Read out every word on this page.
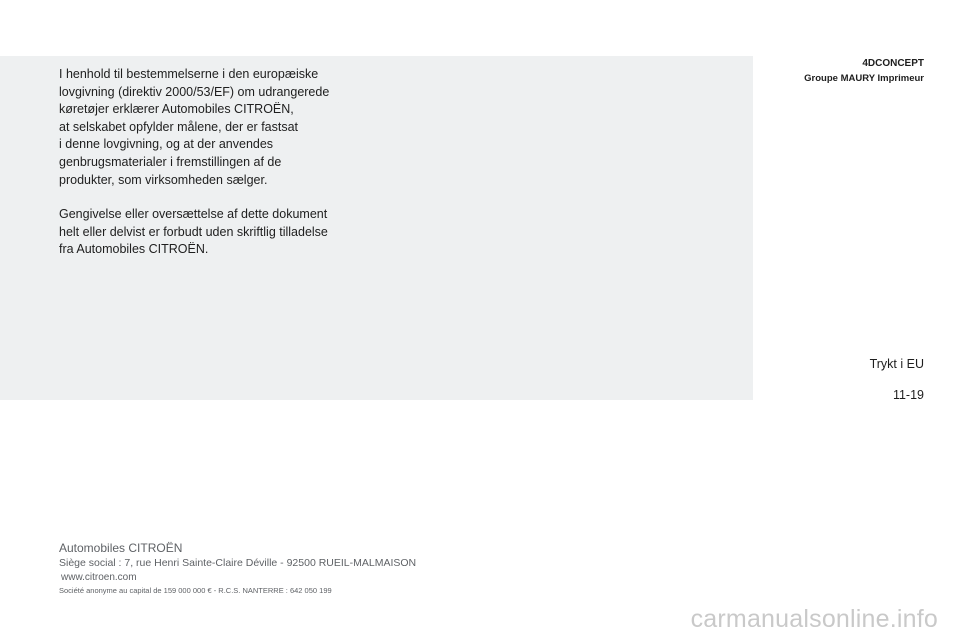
I henhold til bestemmelserne i den europæiske
lovgivning (direktiv 2000/53/EF) om udrangerede
køretøjer erklærer Automobiles CITROËN,
at selskabet opfylder målene, der er fastsat
i denne lovgivning, og at der anvendes
genbrugsmaterialer i fremstillingen af de
produkter, som virksomheden sælger.

Gengivelse eller oversættelse af dette dokument
helt eller delvist er forbudt uden skriftlig tilladelse
fra Automobiles CITROËN.

4DCONCEPT
Groupe MAURY Imprimeur
Trykt i EU
11-19
Automobiles CITROËN
Siège social : 7, rue Henri Sainte-Claire Déville - 92500 RUEIL-MALMAISON
www.citroen.com
Société anonyme au capital de 159 000 000 € - R.C.S. NANTERRE : 642 050 199
carmanualsonline.info
